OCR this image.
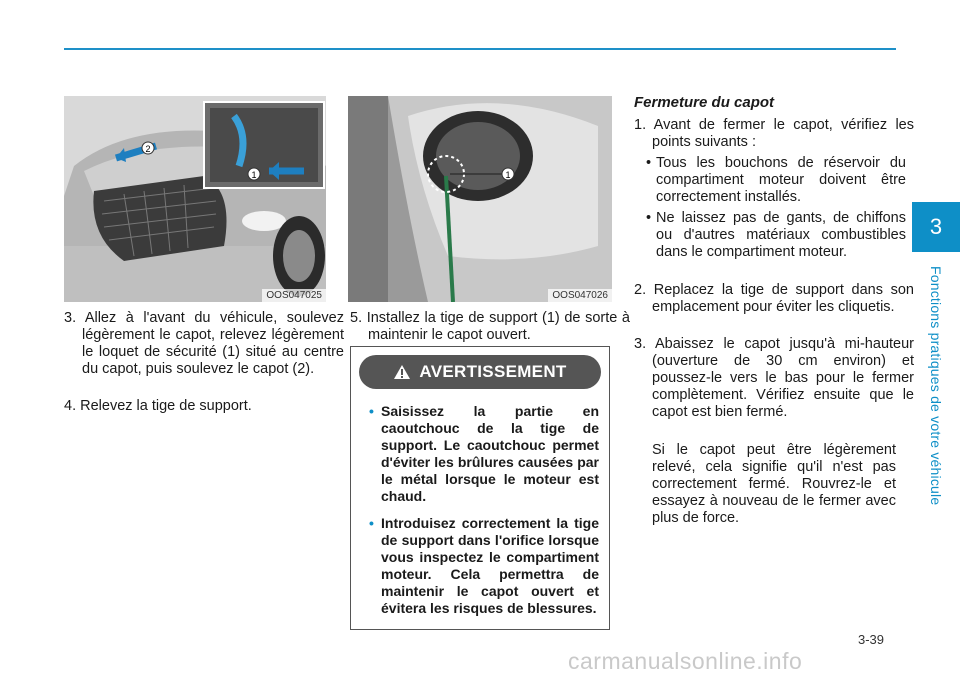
3
Fonctions pratiques de votre véhicule
2
1
OOS047025
1
OOS047026
3. Allez à l'avant du véhicule, soulevez légèrement le capot, relevez légèrement le loquet de sécurité (1) situé au centre du capot, puis soulevez le capot (2).
4. Relevez la tige de support.
5. Installez la tige de support (1) de sorte à maintenir le capot ouvert.
AVERTISSEMENT
• Saisissez la partie en caoutchouc de la tige de support. Le caoutchouc permet d'éviter les brûlures causées par le métal lorsque le moteur est chaud.
• Introduisez correctement la tige de support dans l'orifice lorsque vous inspectez le compartiment moteur. Cela permettra de maintenir le capot ouvert et évitera les risques de blessures.
Fermeture du capot
1. Avant de fermer le capot, vérifiez les points suivants :
• Tous les bouchons de réservoir du compartiment moteur doivent être correctement installés.
• Ne laissez pas de gants, de chiffons ou d'autres matériaux combustibles dans le compartiment moteur.
2. Replacez la tige de support dans son emplacement pour éviter les cliquetis.
3. Abaissez le capot jusqu'à mi-hauteur (ouverture de 30 cm environ) et poussez-le vers le bas pour le fermer complètement. Vérifiez ensuite que le capot est bien fermé.
Si le capot peut être légèrement relevé, cela signifie qu'il n'est pas correctement fermé. Rouvrez-le et essayez à nouveau de le fermer avec plus de force.
3-39
carmanualsonline.info
